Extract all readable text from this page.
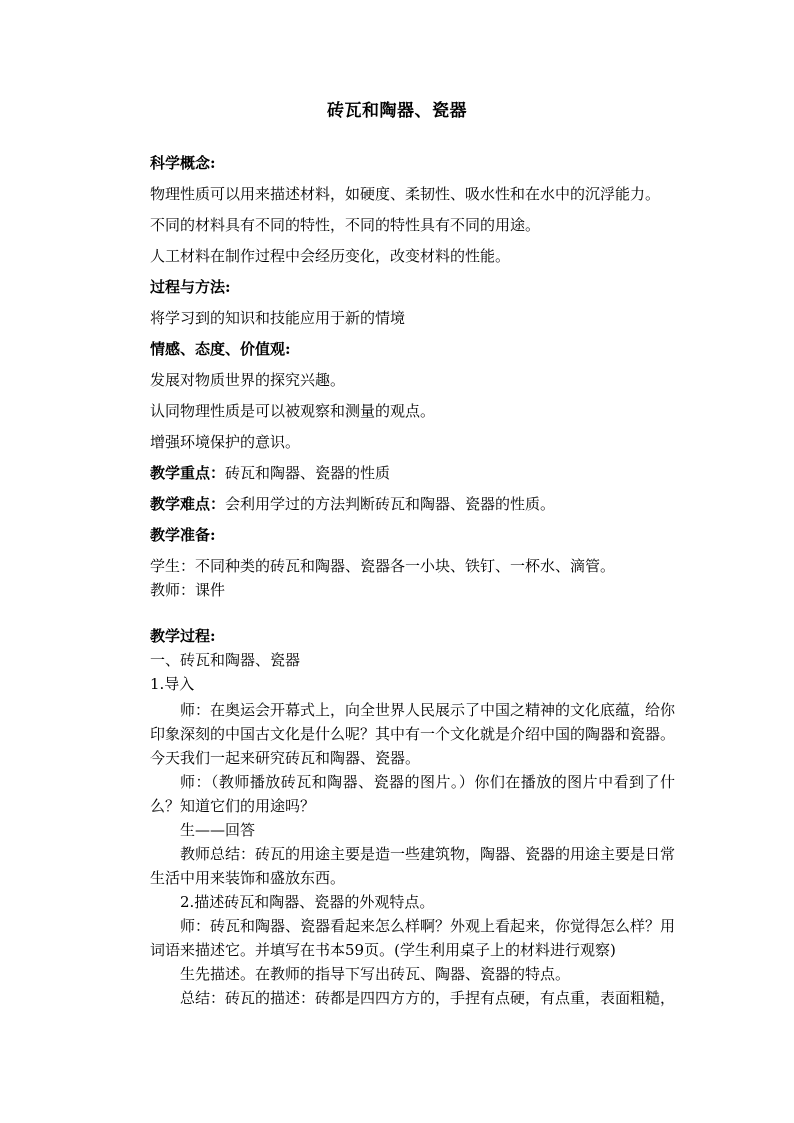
砖瓦和陶器、瓷器
科学概念:
物理性质可以用来描述材料，如硬度、柔韧性、吸水性和在水中的沉浮能力。
不同的材料具有不同的特性，不同的特性具有不同的用途。
人工材料在制作过程中会经历变化，改变材料的性能。
过程与方法:
将学习到的知识和技能应用于新的情境
情感、态度、价值观:
发展对物质世界的探究兴趣。
认同物理性质是可以被观察和测量的观点。
增强环境保护的意识。
教学重点：砖瓦和陶器、瓷器的性质
教学难点：会利用学过的方法判断砖瓦和陶器、瓷器的性质。
教学准备:
学生：不同种类的砖瓦和陶器、瓷器各一小块、铁钉、一杯水、滴管。
教师：课件
教学过程:
一、砖瓦和陶器、瓷器
1.导入
师：在奥运会开幕式上，向全世界人民展示了中国之精神的文化底蕴，给你印象深刻的中国古文化是什么呢？其中有一个文化就是介绍中国的陶器和瓷器。今天我们一起来研究砖瓦和陶器、瓷器。
师：（教师播放砖瓦和陶器、瓷器的图片。）你们在播放的图片中看到了什么？知道它们的用途吗？
生——回答
教师总结：砖瓦的用途主要是造一些建筑物，陶器、瓷器的用途主要是日常生活中用来装饰和盛放东西。
2.描述砖瓦和陶器、瓷器的外观特点。
师：砖瓦和陶器、瓷器看起来怎么样啊？外观上看起来，你觉得怎么样？用词语来描述它。并填写在书本59页。(学生利用桌子上的材料进行观察)
生先描述。在教师的指导下写出砖瓦、陶器、瓷器的特点。
总结：砖瓦的描述：砖都是四四方方的，手捏有点硬，有点重，表面粗糙，
